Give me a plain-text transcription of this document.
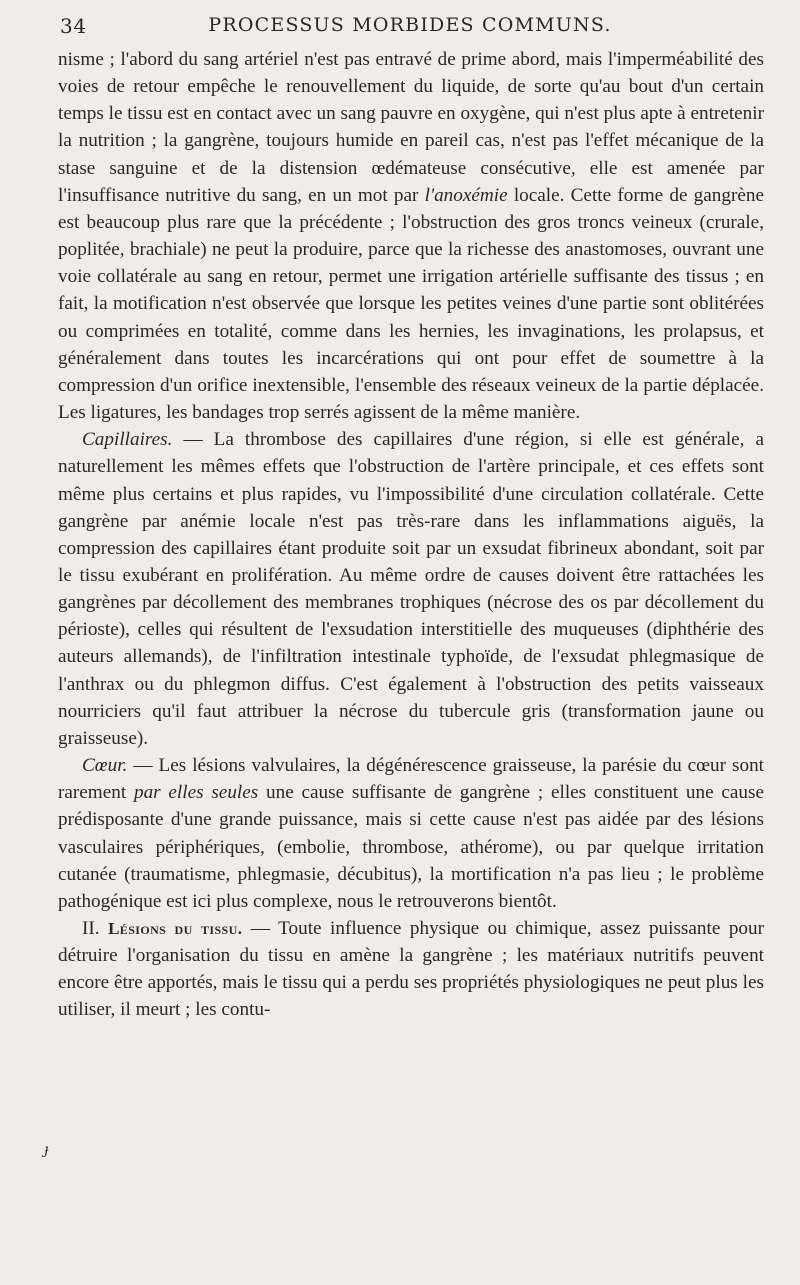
34	PROCESSUS MORBIDES COMMUNS.

nisme ; l'abord du sang artériel n'est pas entravé de prime abord, mais l'imperméabilité des voies de retour empêche le renouvellement du liquide, de sorte qu'au bout d'un certain temps le tissu est en contact avec un sang pauvre en oxygène, qui n'est plus apte à entretenir la nutrition ; la gangrène, toujours humide en pareil cas, n'est pas l'effet mécanique de la stase sanguine et de la distension œdémateuse consécutive, elle est amenée par l'insuffisance nutritive du sang, en un mot par l'anoxémie locale. Cette forme de gangrène est beaucoup plus rare que la précédente ; l'obstruction des gros troncs veineux (crurale, poplitée, brachiale) ne peut la produire, parce que la richesse des anastomoses, ouvrant une voie collatérale au sang en retour, permet une irrigation artérielle suffisante des tissus ; en fait, la motification n'est observée que lorsque les petites veines d'une partie sont oblitérées ou comprimées en totalité, comme dans les hernies, les invaginations, les prolapsus, et généralement dans toutes les incarcérations qui ont pour effet de soumettre à la compression d'un orifice inextensible, l'ensemble des réseaux veineux de la partie déplacée. Les ligatures, les bandages trop serrés agissent de la même manière.

Capillaires. — La thrombose des capillaires d'une région, si elle est générale, a naturellement les mêmes effets que l'obstruction de l'artère principale, et ces effets sont même plus certains et plus rapides, vu l'impossibilité d'une circulation collatérale. Cette gangrène par anémie locale n'est pas très-rare dans les inflammations aiguës, la compression des capillaires étant produite soit par un exsudat fibrineux abondant, soit par le tissu exubérant en prolifération. Au même ordre de causes doivent être rattachées les gangrènes par décollement des membranes trophiques (nécrose des os par décollement du périoste), celles qui résultent de l'exsudation interstitielle des muqueuses (diphthérie des auteurs allemands), de l'infiltration intestinale typhoïde, de l'exsudat phlegmasique de l'anthrax ou du phlegmon diffus. C'est également à l'obstruction des petits vaisseaux nourriciers qu'il faut attribuer la nécrose du tubercule gris (transformation jaune ou graisseuse).

Cœur. — Les lésions valvulaires, la dégénérescence graisseuse, la parésie du cœur sont rarement par elles seules une cause suffisante de gangrène ; elles constituent une cause prédisposante d'une grande puissance, mais si cette cause n'est pas aidée par des lésions vasculaires périphériques, (embolie, thrombose, athérome), ou par quelque irritation cutanée (traumatisme, phlegmasie, décubitus), la mortification n'a pas lieu ; le problème pathogénique est ici plus complexe, nous le retrouverons bientôt.

II. Lésions du tissu. — Toute influence physique ou chimique, assez puissante pour détruire l'organisation du tissu en amène la gangrène ; les matériaux nutritifs peuvent encore être apportés, mais le tissu qui a perdu ses propriétés physiologiques ne peut plus les utiliser, il meurt ; les contu-

ɟ
